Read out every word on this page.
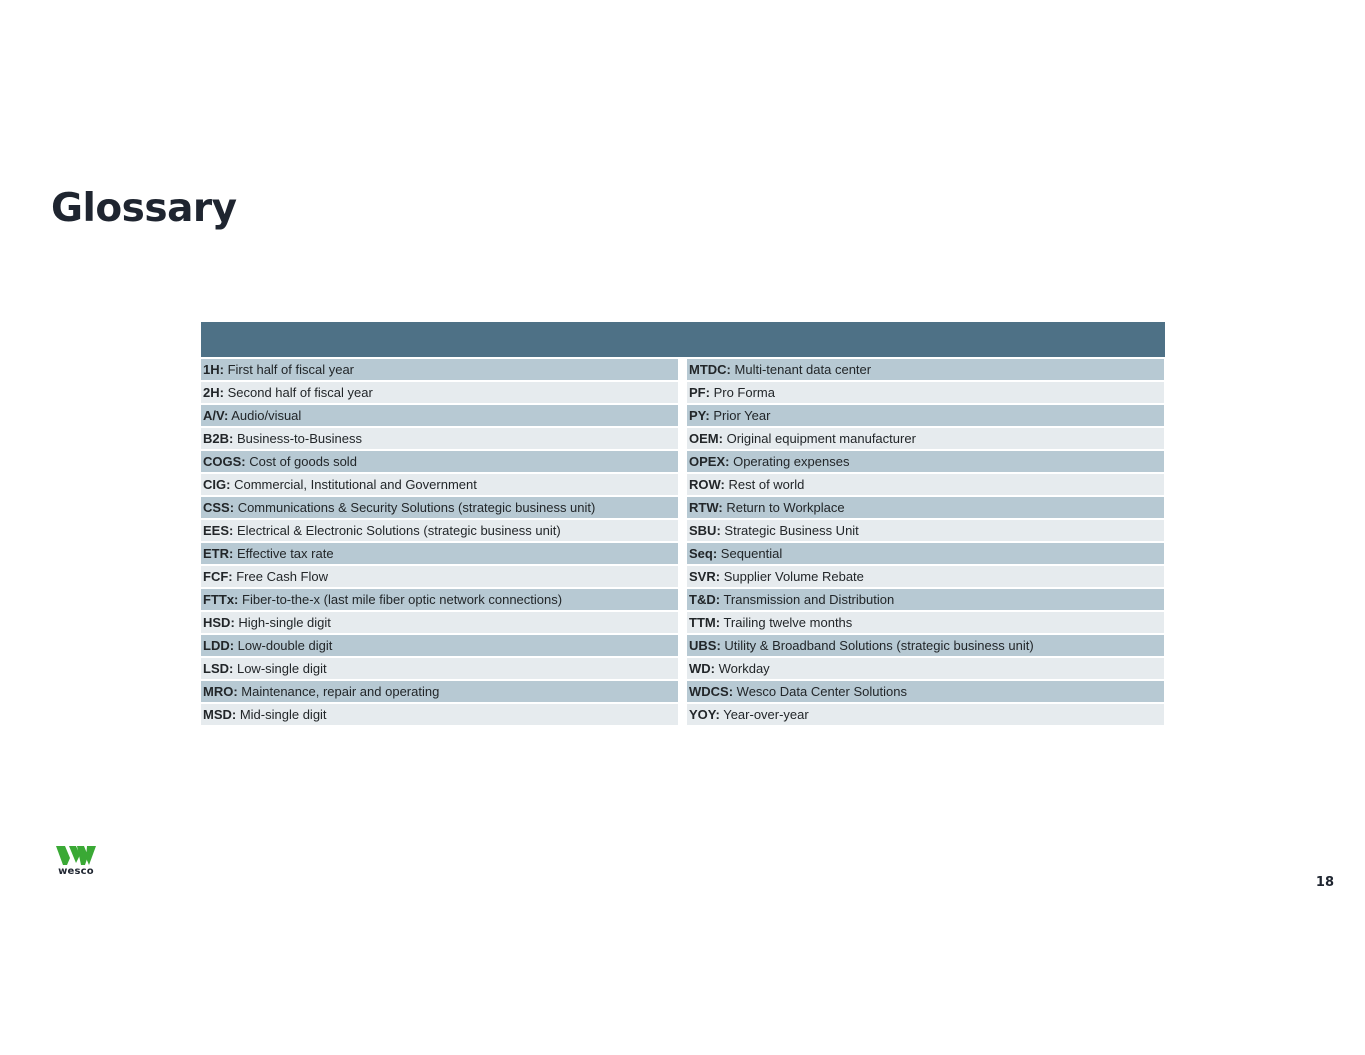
Glossary
1H: First half of fiscal year	MTDC: Multi-tenant data center
2H: Second half of fiscal year	PF: Pro Forma
A/V: Audio/visual	PY: Prior Year
B2B: Business-to-Business	OEM: Original equipment manufacturer
COGS: Cost of goods sold	OPEX: Operating expenses
CIG: Commercial, Institutional and Government	ROW: Rest of world
CSS: Communications & Security Solutions (strategic business unit)	RTW: Return to Workplace
EES: Electrical & Electronic Solutions (strategic business unit)	SBU: Strategic Business Unit
ETR: Effective tax rate	Seq: Sequential
FCF: Free Cash Flow	SVR: Supplier Volume Rebate
FTTx: Fiber-to-the-x (last mile fiber optic network connections)	T&D: Transmission and Distribution
HSD: High-single digit	TTM: Trailing twelve months
LDD: Low-double digit	UBS: Utility & Broadband Solutions (strategic business unit)
LSD: Low-single digit	WD: Workday
MRO: Maintenance, repair and operating	WDCS: Wesco Data Center Solutions
MSD: Mid-single digit	YOY: Year-over-year
wesco
18
